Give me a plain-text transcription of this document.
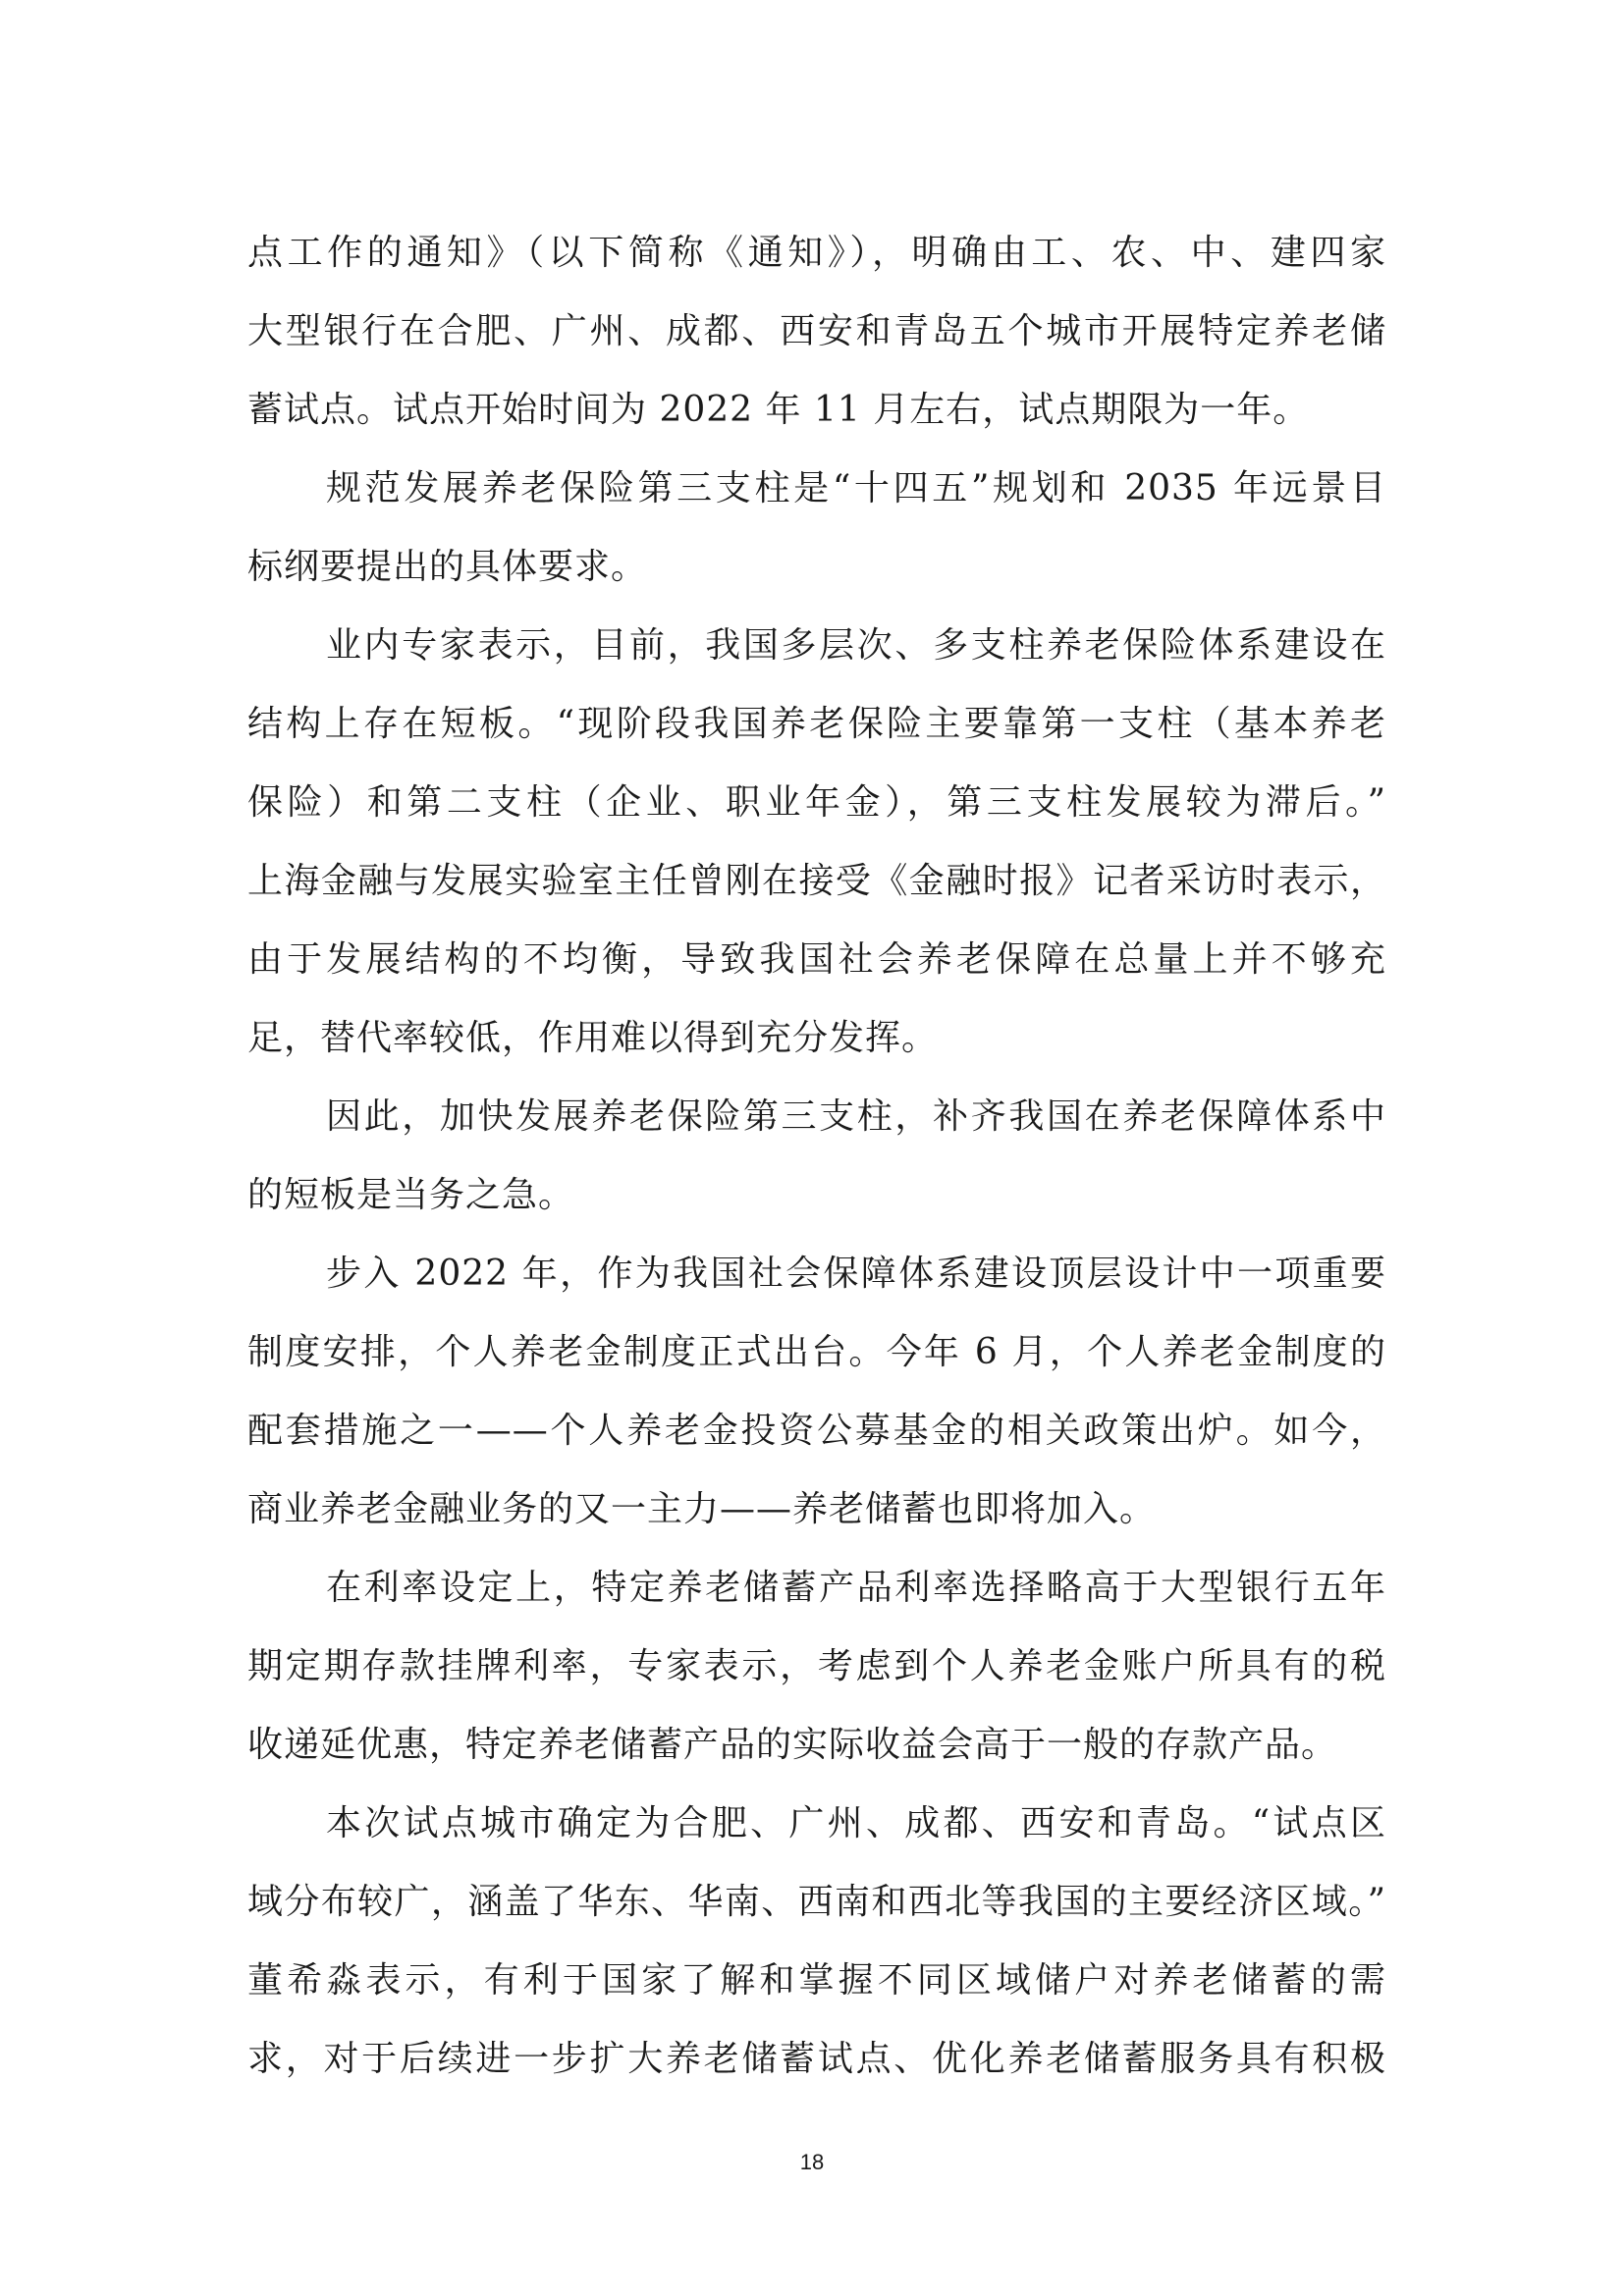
点工作的通知》（以下简称《通知》），明确由工、农、中、建四家
大型银行在合肥、广州、成都、西安和青岛五个城市开展特定养老储
蓄试点。试点开始时间为 2022 年 11 月左右，试点期限为一年。
规范发展养老保险第三支柱是“十四五”规划和 2035 年远景目
标纲要提出的具体要求。
业内专家表示，目前，我国多层次、多支柱养老保险体系建设在
结构上存在短板。“现阶段我国养老保险主要靠第一支柱（基本养老
保险）和第二支柱（企业、职业年金），第三支柱发展较为滞后。”
上海金融与发展实验室主任曾刚在接受《金融时报》记者采访时表示，
由于发展结构的不均衡，导致我国社会养老保障在总量上并不够充
足，替代率较低，作用难以得到充分发挥。
因此，加快发展养老保险第三支柱，补齐我国在养老保障体系中
的短板是当务之急。
步入 2022 年，作为我国社会保障体系建设顶层设计中一项重要
制度安排，个人养老金制度正式出台。今年 6 月，个人养老金制度的
配套措施之一——个人养老金投资公募基金的相关政策出炉。如今，
商业养老金融业务的又一主力——养老储蓄也即将加入。
在利率设定上，特定养老储蓄产品利率选择略高于大型银行五年
期定期存款挂牌利率，专家表示，考虑到个人养老金账户所具有的税
收递延优惠，特定养老储蓄产品的实际收益会高于一般的存款产品。
本次试点城市确定为合肥、广州、成都、西安和青岛。“试点区
域分布较广，涵盖了华东、华南、西南和西北等我国的主要经济区域。”
董希淼表示，有利于国家了解和掌握不同区域储户对养老储蓄的需
求，对于后续进一步扩大养老储蓄试点、优化养老储蓄服务具有积极
18
